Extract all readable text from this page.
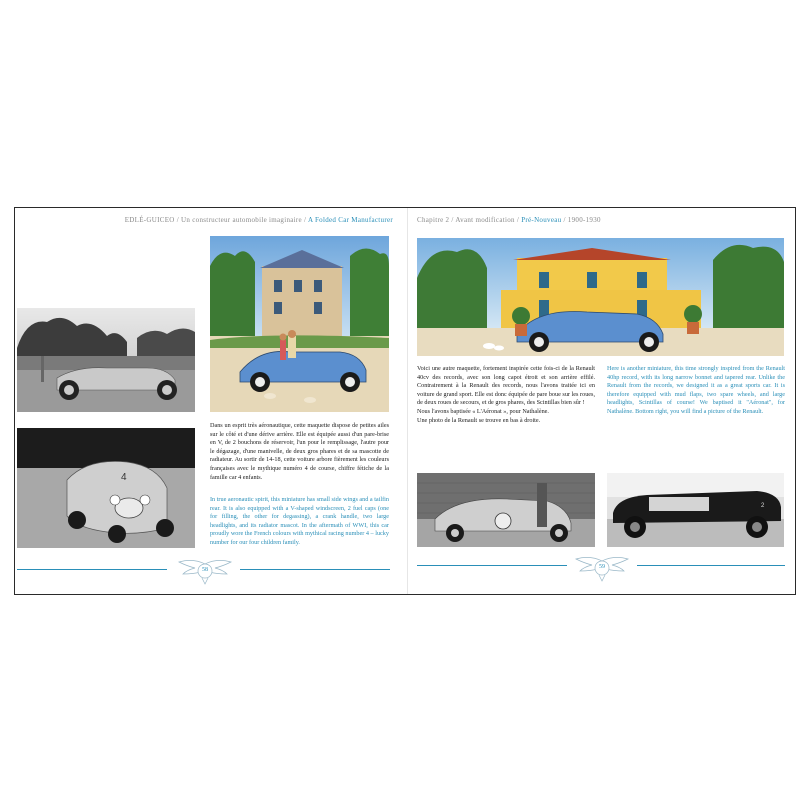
EDLÉ-GUICEO / Un constructeur automobile imaginaire / A Folded Car Manufacturer
4

Dans un esprit très aéronautique, cette maquette dispose de petites ailes sur le côté et d'une dérive arrière. Elle est équipée aussi d'un pare-brise en V, de 2 bouchons de réservoir, l'un pour le remplissage, l'autre pour le dégazage, d'une manivelle, de deux gros phares et de sa mascotte de radiateur. Au sortir de 14-18, cette voiture arbore fièrement les couleurs françaises avec le mythique numéro 4 de course, chiffre fétiche de la famille car 4 enfants.

In true aeronautic spirit, this miniature has small side wings and a tailfin rear. It is also equipped with a V-shaped windscreen, 2 fuel caps (one for filling, the other for degassing), a crank handle, two large headlights, and its radiator mascot. In the aftermath of WWI, this car proudly wore the French colours with mythical racing number 4 – lucky number for our four children family.

58
Chapitre 2 / Avant modification / Pré-Nouveau / 1900-1930

Voici une autre maquette, fortement inspirée cette fois-ci de la Renault 40cv des records, avec son long capot étroit et son arrière effilé. Contrairement à la Renault des records, nous l'avons traitée ici en voiture de grand sport. Elle est donc équipée de pare boue sur les roues, de deux roues de secours, et de gros phares, des Scintillas bien sûr !

Nous l'avons baptisée « L'Aéronat », pour Nathalène.

Une photo de la Renault se trouve en bas à droite.

Here is another miniature, this time strongly inspired from the Renault 40hp record, with its long narrow bonnet and tapered rear. Unlike the Renault from the records, we designed it as a great sports car. It is therefore equipped with mud flaps, two spare wheels, and large headlights, Scintillas of course! We baptised it "Aéronat", for Nathalène. Bottom right, you will find a picture of the Renault.

2
59
